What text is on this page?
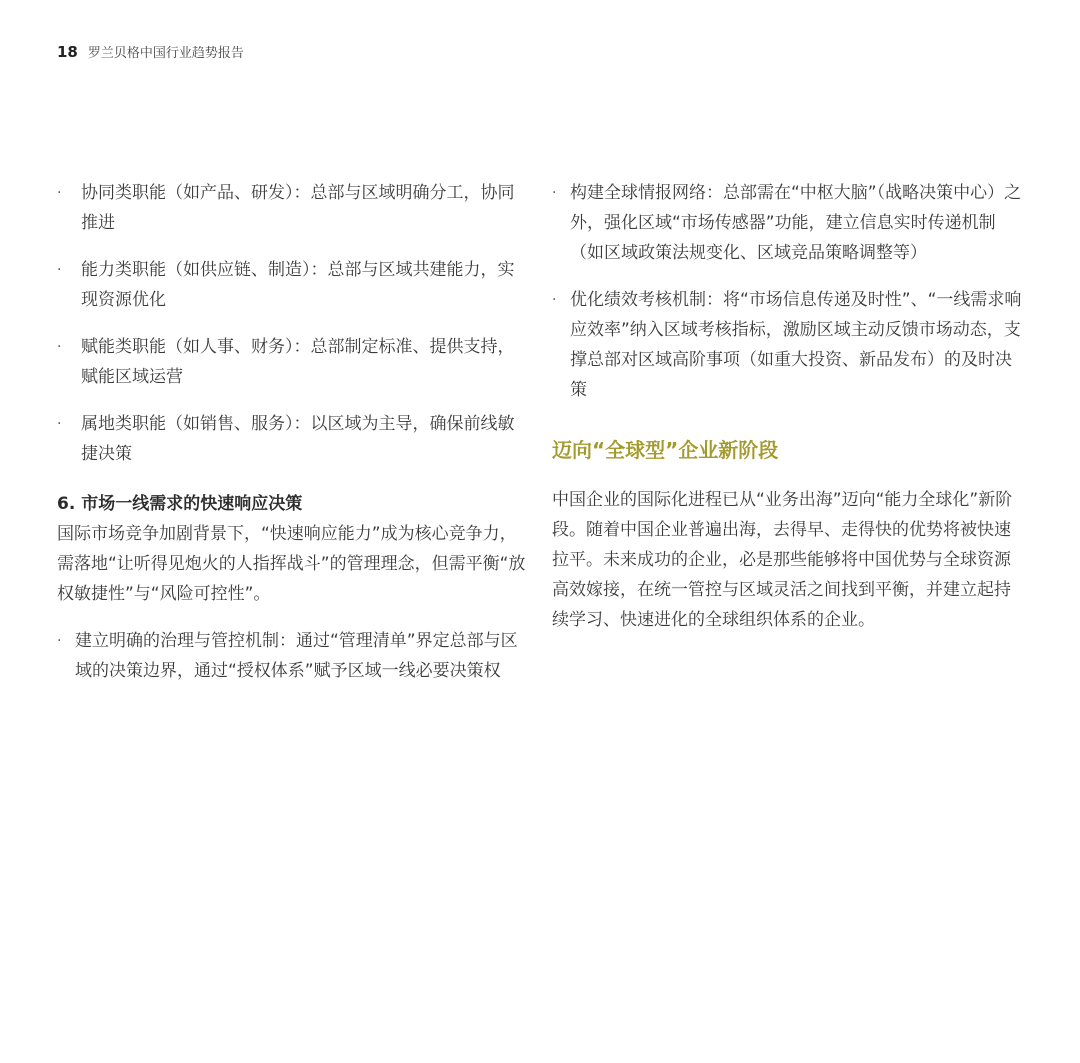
18 罗兰贝格中国行业趋势报告
· 协同类职能（如产品、研发）：总部与区域明确分工，协同推进
· 能力类职能（如供应链、制造）：总部与区域共建能力，实现资源优化
· 赋能类职能（如人事、财务）：总部制定标准、提供支持，赋能区域运营
· 属地类职能（如销售、服务）：以区域为主导，确保前线敏捷决策
6. 市场一线需求的快速响应决策

国际市场竞争加剧背景下，“快速响应能力”成为核心竞争力，需落地“让听得见炮火的人指挥战斗”的管理理念，但需平衡“放权敏捷性”与“风险可控性”。

· 建立明确的治理与管控机制：通过“管理清单”界定总部与区域的决策边界，通过“授权体系”赋予区域一线必要决策权
· 构建全球情报网络：总部需在“中枢大脑”（战略决策中心）之外，强化区域“市场传感器”功能，建立信息实时传递机制（如区域政策法规变化、区域竞品策略调整等）
· 优化绩效考核机制：将“市场信息传递及时性”、“一线需求响应效率”纳入区域考核指标，激励区域主动反馈市场动态，支撑总部对区域高阶事项（如重大投资、新品发布）的及时决策
迈向“全球型”企业新阶段

中国企业的国际化进程已从“业务出海”迈向“能力全球化”新阶段。随着中国企业普遍出海，去得早、走得快的优势将被快速拉平。未来成功的企业，必是那些能够将中国优势与全球资源高效嫁接，在统一管控与区域灵活之间找到平衡，并建立起持续学习、快速进化的全球组织体系的企业。
